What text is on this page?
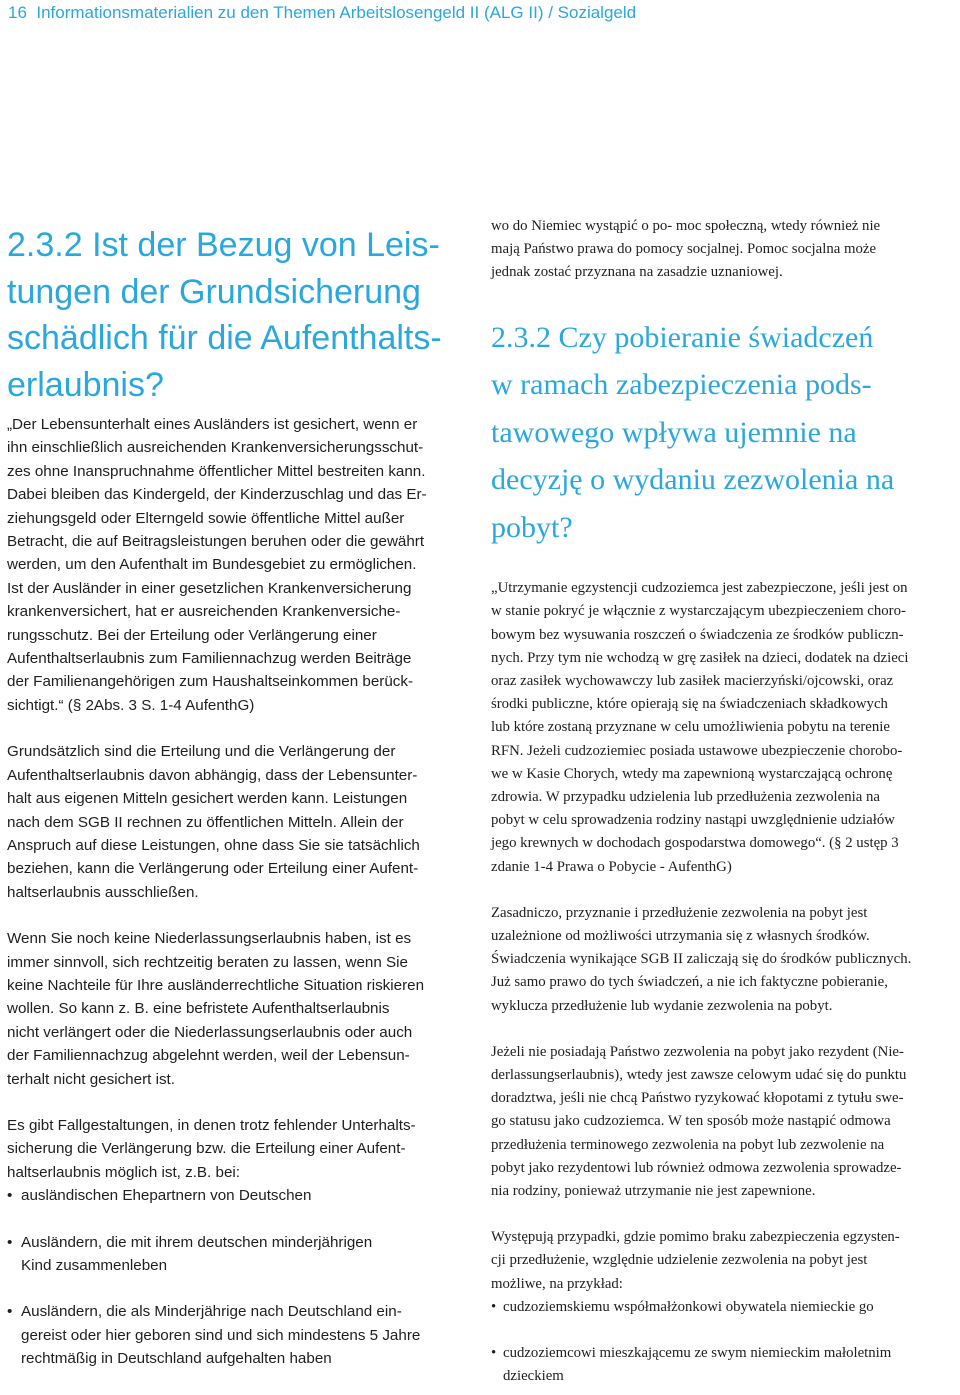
16 Informationsmaterialien zu den Themen Arbeitslosengeld II (ALG II) / Sozialgeld
2.3.2 Ist der Bezug von Leis-
tungen der Grundsicherung
schädlich für die Aufenthalts-
erlaubnis?

„Der Lebensunterhalt eines Ausländers ist gesichert, wenn er
ihn einschließlich ausreichenden Krankenversicherungsschut-
zes ohne Inanspruchnahme öffentlicher Mittel bestreiten kann.
Dabei bleiben das Kindergeld, der Kinderzuschlag und das Er-
ziehungsgeld oder Elterngeld sowie öffentliche Mittel außer
Betracht, die auf Beitragsleistungen beruhen oder die gewährt
werden, um den Aufenthalt im Bundesgebiet zu ermöglichen.
Ist der Ausländer in einer gesetzlichen Krankenversicherung
krankenversichert, hat er ausreichenden Krankenversiche-
rungsschutz. Bei der Erteilung oder Verlängerung einer
Aufenthaltserlaubnis zum Familiennachzug werden Beiträge
der Familienangehörigen zum Haushaltseinkommen berück-
sichtigt.“ (§ 2Abs. 3 S. 1-4 AufenthG)

Grundsätzlich sind die Erteilung und die Verlängerung der
Aufenthaltserlaubnis davon abhängig, dass der Lebensunter-
halt aus eigenen Mitteln gesichert werden kann. Leistungen
nach dem SGB II rechnen zu öffentlichen Mitteln. Allein der
Anspruch auf diese Leistungen, ohne dass Sie sie tatsächlich
beziehen, kann die Verlängerung oder Erteilung einer Aufent-
haltserlaubnis ausschließen.

Wenn Sie noch keine Niederlassungserlaubnis haben, ist es
immer sinnvoll, sich rechtzeitig beraten zu lassen, wenn Sie
keine Nachteile für Ihre ausländerrechtliche Situation riskieren
wollen. So kann z. B. eine befristete Aufenthaltserlaubnis
nicht verlängert oder die Niederlassungserlaubnis oder auch
der Familiennachzug abgelehnt werden, weil der Lebensun-
terhalt nicht gesichert ist.

Es gibt Fallgestaltungen, in denen trotz fehlender Unterhalts-
sicherung die Verlängerung bzw. die Erteilung einer Aufent-
haltserlaubnis möglich ist, z.B. bei:

• ausländischen Ehepartnern von Deutschen

• Ausländern, die mit ihrem deutschen minderjährigen
Kind zusammenleben

• Ausländern, die als Minderjährige nach Deutschland ein-
gereist oder hier geboren sind und sich mindestens 5 Jahre
rechtmäßig in Deutschland aufgehalten haben

wo do Niemiec wystąpić o po- moc społeczną, wtedy również nie
mają Państwo prawa do pomocy socjalnej. Pomoc socjalna może
jednak zostać przyznana na zasadzie uznaniowej.

2.3.2 Czy pobieranie świadczeń
w ramach zabezpieczenia pods-
tawowego wpływa ujemnie na
decyzję o wydaniu zezwolenia na
pobyt?

„Utrzymanie egzystencji cudzoziemca jest zabezpieczone, jeśli jest on
w stanie pokryć je włącznie z wystarczającym ubezpieczeniem choro-
bowym bez wysuwania roszczeń o świadczenia ze środków publiczn-
nych. Przy tym nie wchodzą w grę zasiłek na dzieci, dodatek na dzieci
oraz zasiłek wychowawczy lub zasiłek macierzyński/ojcowski, oraz
środki publiczne, które opierają się na świadczeniach składkowych
lub które zostaną przyznane w celu umożliwienia pobytu na terenie
RFN. Jeżeli cudzoziemiec posiada ustawowe ubezpieczenie chorobo-
we w Kasie Chorych, wtedy ma zapewnioną wystarczającą ochronę
zdrowia. W przypadku udzielenia lub przedłużenia zezwolenia na
pobyt w celu sprowadzenia rodziny nastąpi uwzględnienie udziałów
jego krewnych w dochodach gospodarstwa domowego“. (§ 2 ustęp 3
zdanie 1-4 Prawa o Pobycie - AufenthG)

Zasadniczo, przyznanie i przedłużenie zezwolenia na pobyt jest
uzależnione od możliwości utrzymania się z własnych środków.
Świadczenia wynikające SGB II zaliczają się do środków publicznych.
Już samo prawo do tych świadczeń, a nie ich faktyczne pobieranie,
wyklucza przedłużenie lub wydanie zezwolenia na pobyt.

Jeżeli nie posiadają Państwo zezwolenia na pobyt jako rezydent (Nie-
derlassungserlaubnis), wtedy jest zawsze celowym udać się do punktu
doradztwa, jeśli nie chcą Państwo ryzykować kłopotami z tytułu swe-
go statusu jako cudzoziemca. W ten sposób może nastąpić odmowa
przedłużenia terminowego zezwolenia na pobyt lub zezwolenie na
pobyt jako rezydentowi lub również odmowa zezwolenia sprowadze-
nia rodziny, ponieważ utrzymanie nie jest zapewnione.

Występują przypadki, gdzie pomimo braku zabezpieczenia egzysten-
cji przedłużenie, względnie udzielenie zezwolenia na pobyt jest
możliwe, na przykład:

• cudzoziemskiemu współmałżonkowi obywatela niemieckie go

• cudzoziemcowi mieszkającemu ze swym niemieckim małoletnim
dzieckiem
